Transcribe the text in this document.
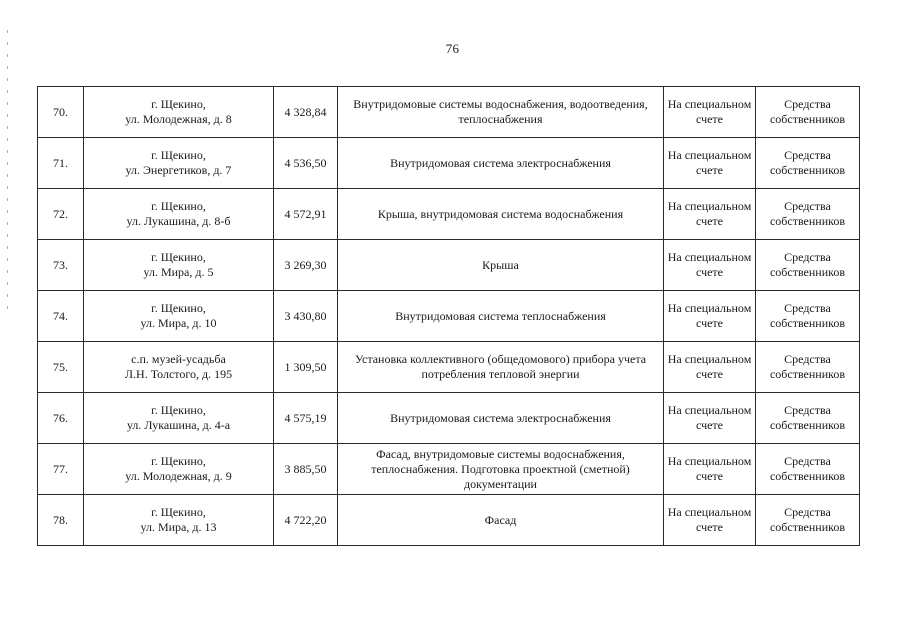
76
70.	г. Щекино,
ул. Молодежная, д. 8	4 328,84	Внутридомовые системы водоснабжения, водоотведения, теплоснабжения	На специальном счете	Средства собственников
71.	г. Щекино,
ул. Энергетиков, д. 7	4 536,50	Внутридомовая система электроснабжения	На специальном счете	Средства собственников
72.	г. Щекино,
ул. Лукашина, д. 8-б	4 572,91	Крыша, внутридомовая система водоснабжения	На специальном счете	Средства собственников
73.	г. Щекино,
ул. Мира, д. 5	3 269,30	Крыша	На специальном счете	Средства собственников
74.	г. Щекино,
ул. Мира, д. 10	3 430,80	Внутридомовая система теплоснабжения	На специальном счете	Средства собственников
75.	с.п. музей-усадьба
Л.Н. Толстого, д. 195	1 309,50	Установка коллективного (общедомового) прибора учета потребления тепловой энергии	На специальном счете	Средства собственников
76.	г. Щекино,
ул. Лукашина, д. 4-а	4 575,19	Внутридомовая система электроснабжения	На специальном счете	Средства собственников
77.	г. Щекино,
ул. Молодежная, д. 9	3 885,50	Фасад, внутридомовые системы водоснабжения, теплоснабжения. Подготовка проектной (сметной) документации	На специальном счете	Средства собственников
78.	г. Щекино,
ул. Мира, д. 13	4 722,20	Фасад	На специальном счете	Средства собственников
